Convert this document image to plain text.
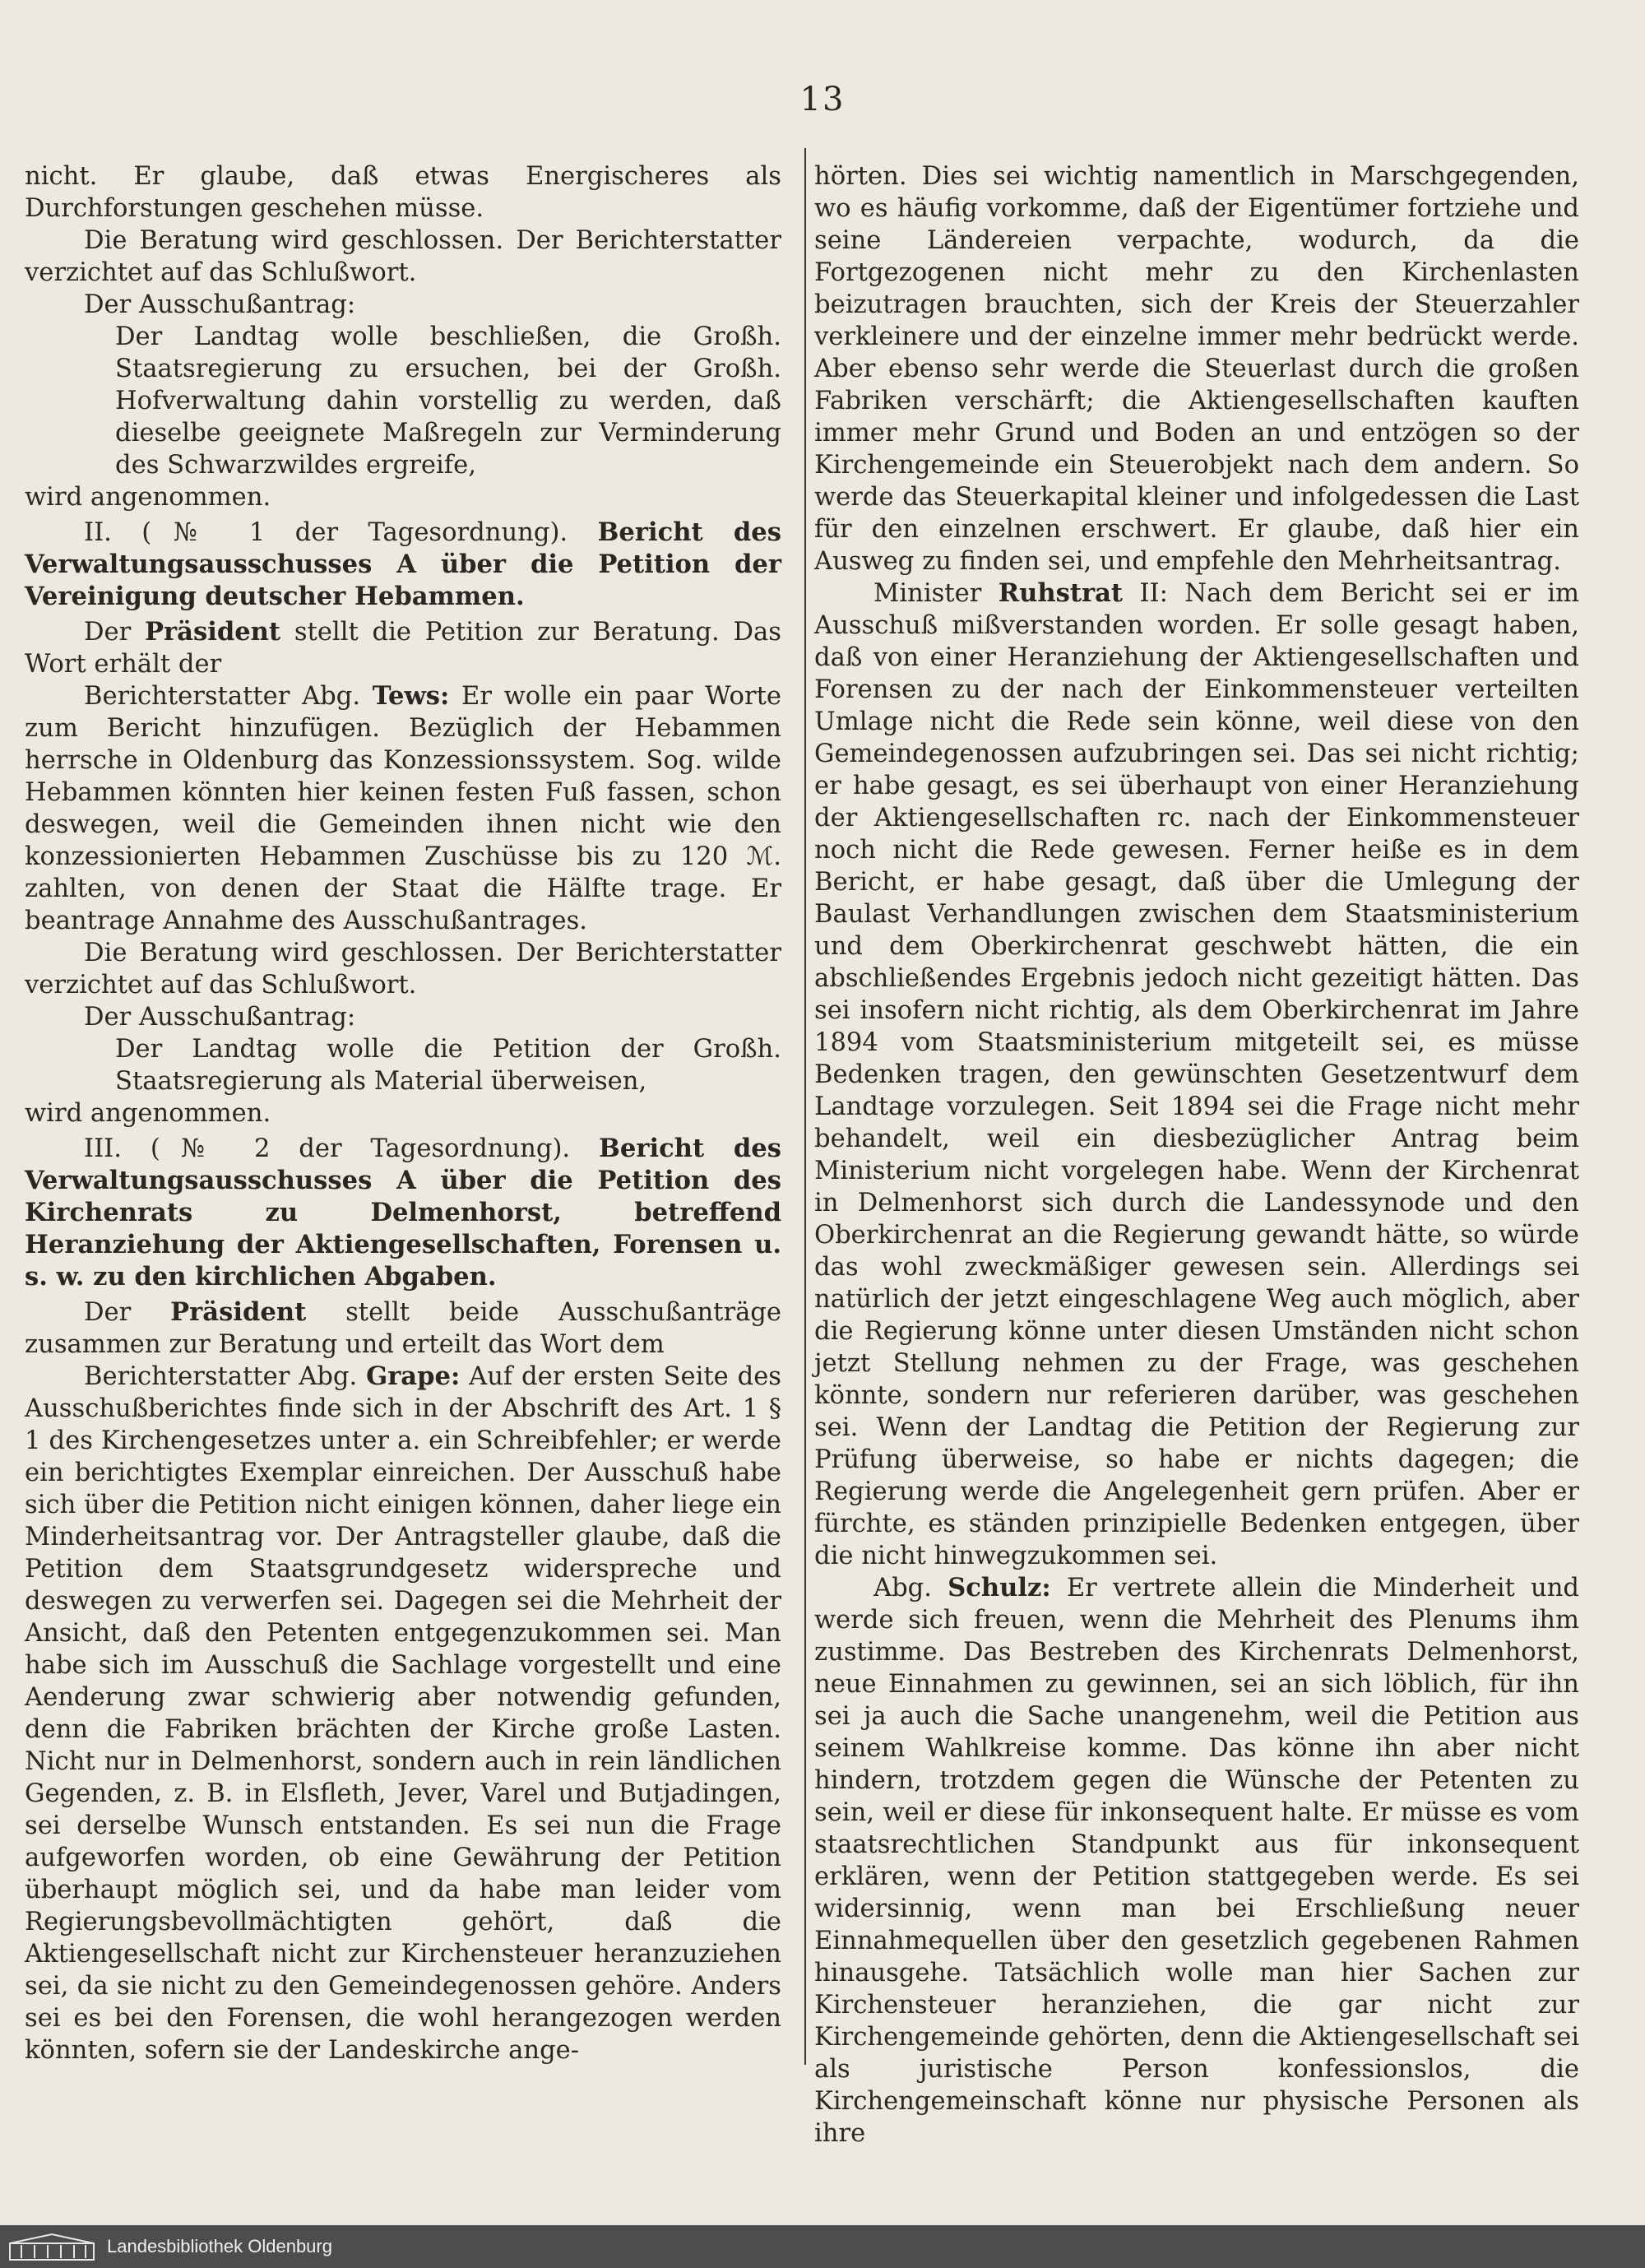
13

nicht. Er glaube, daß etwas Energischeres als Durchforstungen geschehen müsse.

Die Beratung wird geschlossen. Der Berichterstatter verzichtet auf das Schlußwort.

Der Ausschußantrag:

Der Landtag wolle beschließen, die Großh. Staatsregierung zu ersuchen, bei der Großh. Hofverwaltung dahin vorstellig zu werden, daß dieselbe geeignete Maßregeln zur Verminderung des Schwarzwildes ergreife,

wird angenommen.

II. (№ 1 der Tagesordnung). Bericht des Verwaltungsausschusses A über die Petition der Vereinigung deutscher Hebammen.

Der Präsident stellt die Petition zur Beratung. Das Wort erhält der

Berichterstatter Abg. Tews: Er wolle ein paar Worte zum Bericht hinzufügen. Bezüglich der Hebammen herrsche in Oldenburg das Konzessionssystem. Sog. wilde Hebammen könnten hier keinen festen Fuß fassen, schon deswegen, weil die Gemeinden ihnen nicht wie den konzessionierten Hebammen Zuschüsse bis zu 120 ℳ. zahlten, von denen der Staat die Hälfte trage. Er beantrage Annahme des Ausschußantrages.

Die Beratung wird geschlossen. Der Berichterstatter verzichtet auf das Schlußwort.

Der Ausschußantrag:

Der Landtag wolle die Petition der Großh. Staatsregierung als Material überweisen,

wird angenommen.

III. (№ 2 der Tagesordnung). Bericht des Verwaltungsausschusses A über die Petition des Kirchenrats zu Delmenhorst, betreffend Heranziehung der Aktiengesellschaften, Forensen u. s. w. zu den kirchlichen Abgaben.

Der Präsident stellt beide Ausschußanträge zusammen zur Beratung und erteilt das Wort dem

Berichterstatter Abg. Grape: Auf der ersten Seite des Ausschußberichtes finde sich in der Abschrift des Art. 1 § 1 des Kirchengesetzes unter a. ein Schreibfehler; er werde ein berichtigtes Exemplar einreichen. Der Ausschuß habe sich über die Petition nicht einigen können, daher liege ein Minderheitsantrag vor. Der Antragsteller glaube, daß die Petition dem Staatsgrundgesetz widerspreche und deswegen zu verwerfen sei. Dagegen sei die Mehrheit der Ansicht, daß den Petenten entgegenzukommen sei. Man habe sich im Ausschuß die Sachlage vorgestellt und eine Aenderung zwar schwierig aber notwendig gefunden, denn die Fabriken brächten der Kirche große Lasten. Nicht nur in Delmenhorst, sondern auch in rein ländlichen Gegenden, z. B. in Elsfleth, Jever, Varel und Butjadingen, sei derselbe Wunsch entstanden. Es sei nun die Frage aufgeworfen worden, ob eine Gewährung der Petition überhaupt möglich sei, und da habe man leider vom Regierungsbevollmächtigten gehört, daß die Aktiengesellschaft nicht zur Kirchensteuer heranzuziehen sei, da sie nicht zu den Gemeindegenossen gehöre. Anders sei es bei den Forensen, die wohl herangezogen werden könnten, sofern sie der Landeskirche ange-

hörten. Dies sei wichtig namentlich in Marschgegenden, wo es häufig vorkomme, daß der Eigentümer fortziehe und seine Ländereien verpachte, wodurch, da die Fortgezogenen nicht mehr zu den Kirchenlasten beizutragen brauchten, sich der Kreis der Steuerzahler verkleinere und der einzelne immer mehr bedrückt werde. Aber ebenso sehr werde die Steuerlast durch die großen Fabriken verschärft; die Aktiengesellschaften kauften immer mehr Grund und Boden an und entzögen so der Kirchengemeinde ein Steuerobjekt nach dem andern. So werde das Steuerkapital kleiner und infolgedessen die Last für den einzelnen erschwert. Er glaube, daß hier ein Ausweg zu finden sei, und empfehle den Mehrheitsantrag.

Minister Ruhstrat II: Nach dem Bericht sei er im Ausschuß mißverstanden worden. Er solle gesagt haben, daß von einer Heranziehung der Aktiengesellschaften und Forensen zu der nach der Einkommensteuer verteilten Umlage nicht die Rede sein könne, weil diese von den Gemeindegenossen aufzubringen sei. Das sei nicht richtig; er habe gesagt, es sei überhaupt von einer Heranziehung der Aktiengesellschaften rc. nach der Einkommensteuer noch nicht die Rede gewesen. Ferner heiße es in dem Bericht, er habe gesagt, daß über die Umlegung der Baulast Verhandlungen zwischen dem Staatsministerium und dem Oberkirchenrat geschwebt hätten, die ein abschließendes Ergebnis jedoch nicht gezeitigt hätten. Das sei insofern nicht richtig, als dem Oberkirchenrat im Jahre 1894 vom Staatsministerium mitgeteilt sei, es müsse Bedenken tragen, den gewünschten Gesetzentwurf dem Landtage vorzulegen. Seit 1894 sei die Frage nicht mehr behandelt, weil ein diesbezüglicher Antrag beim Ministerium nicht vorgelegen habe. Wenn der Kirchenrat in Delmenhorst sich durch die Landessynode und den Oberkirchenrat an die Regierung gewandt hätte, so würde das wohl zweckmäßiger gewesen sein. Allerdings sei natürlich der jetzt eingeschlagene Weg auch möglich, aber die Regierung könne unter diesen Umständen nicht schon jetzt Stellung nehmen zu der Frage, was geschehen könnte, sondern nur referieren darüber, was geschehen sei. Wenn der Landtag die Petition der Regierung zur Prüfung überweise, so habe er nichts dagegen; die Regierung werde die Angelegenheit gern prüfen. Aber er fürchte, es ständen prinzipielle Bedenken entgegen, über die nicht hinwegzukommen sei.

Abg. Schulz: Er vertrete allein die Minderheit und werde sich freuen, wenn die Mehrheit des Plenums ihm zustimme. Das Bestreben des Kirchenrats Delmenhorst, neue Einnahmen zu gewinnen, sei an sich löblich, für ihn sei ja auch die Sache unangenehm, weil die Petition aus seinem Wahlkreise komme. Das könne ihn aber nicht hindern, trotzdem gegen die Wünsche der Petenten zu sein, weil er diese für inkonsequent halte. Er müsse es vom staatsrechtlichen Standpunkt aus für inkonsequent erklären, wenn der Petition stattgegeben werde. Es sei widersinnig, wenn man bei Erschließung neuer Einnahmequellen über den gesetzlich gegebenen Rahmen hinausgehe. Tatsächlich wolle man hier Sachen zur Kirchensteuer heranziehen, die gar nicht zur Kirchengemeinde gehörten, denn die Aktiengesellschaft sei als juristische Person konfessionslos, die Kirchengemeinschaft könne nur physische Personen als ihre

Landesbibliothek Oldenburg
